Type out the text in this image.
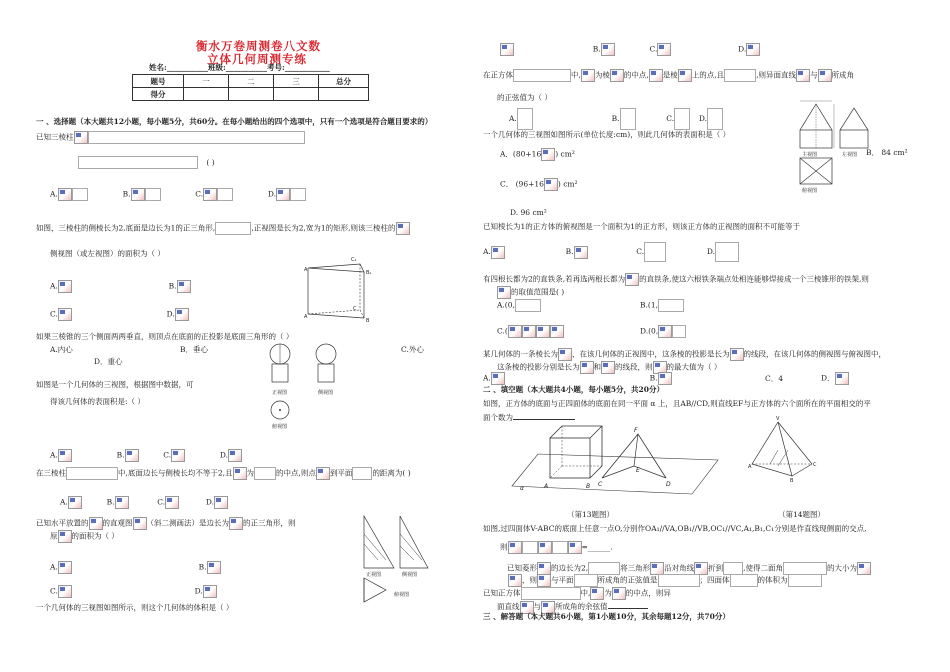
衡水万卷周测卷八文数
立体几何周测专练
姓名:___________班级:___________考号:____________
题号	一	二	三	总分
得分				
一 、选择题（本大题共12小题，每小题5分，共60分。在每小题给出的四个选项中，只有一个选项是符合题目要求的）
已知三棱柱
( )
A.	B.	C.	D.
如图，三棱柱的侧棱长为2,底面是边长为1的正三角形,	,正视图是长为2,宽为1的矩形,则该三棱柱的
侧视图（或左视图）的面积为（ ）
A.	B.
C.	D.
A
C₁
B₁
A
C
B
如果三棱锥的三个侧面两两垂直，则顶点在底面的正投影是底面三角形的（ ）
A.内心	B．垂心	C.外心
D．重心
正视图	侧视图
俯视图
如图是一个几何体的三视图，根据图中数据，可
得该几何体的表面积是:（ ）
A.	B.	C.	D.
在三棱柱	中,底面边长与侧棱长均不等于2,且 为	的中点,则点 到平面	的距离为( )
A.	B.	C.	D.
已知水平放置的 的直观图 （斜二测画法）是边长为 的正三角形，则
原 的面积为（ ）
A.	B.
C.	D.
正视图	侧视图
俯视图
一个几何体的三视图如图所示，则这个几何体的体积是（ ）
B.	C.	D.
在正方体	中, 为棱 的中点, 是棱 上的点,且	,则异面直线 与 所成角
的正弦值为（ ）
A.	B.	C.	D.
一个几何体的三视图如图所示(单位长度:cm)，则此几何体的表面积是（ ）
A．(80+16 ) cm²	B． 84 cm²
C． (96+16 ) cm²
D. 96 cm²
主视图	左视图
俯视图
已知棱长为1的正方体的俯视图是一个面积为1的正方形，则该正方体的正视图的面积不可能等于
A.	B.	C.	D.
有四根长都为2的直铁条,若再选两根长都为 的直铁条,使这六根铁条端点处相连能够焊接成一个三棱锥形的铁架,则
的取值范围是( )
A.(0,	B.(1,
C.(	D.(0,
某几何体的一条棱长为 ，在该几何体的正视图中，这条棱的投影是长为 的线段，在该几何体的侧视图与俯视图中，
这条棱的投影分别是长为 和 的线段，则 的最大值为（ ）
A.	B.	C．4	D．
二 、填空题（本大题共4小题，每小题5分，共20分）
如图，正方体的底面与正四面体的底面在同一平面 α 上，且AB//CD,则直线EF与正方体的六个面所在的平面相交的平
面个数为
α	A	B C
F
E
D
V
A
B
C
（第13题图）	（第14题图）
如图,过四面体V-ABC的底面上任意一点O,分别作OA₁//VA,OB₁//VB,OC₁//VC,A₁,B₁,C₁分别是作直线现侧面的交点,
则	=______.
已知菱形 的边长为2,	将三角形 沿对角线 折到	,使得二面角	的大小为
，则 与平面	所成角的正弦值是	；四面体	的体积为
已知正方体	中, 为 的中点，则异
面直线 与 所成角的余弦值
三 、解答题（本大题共6小题，第1小题10分，其余每题12分，共70分）
